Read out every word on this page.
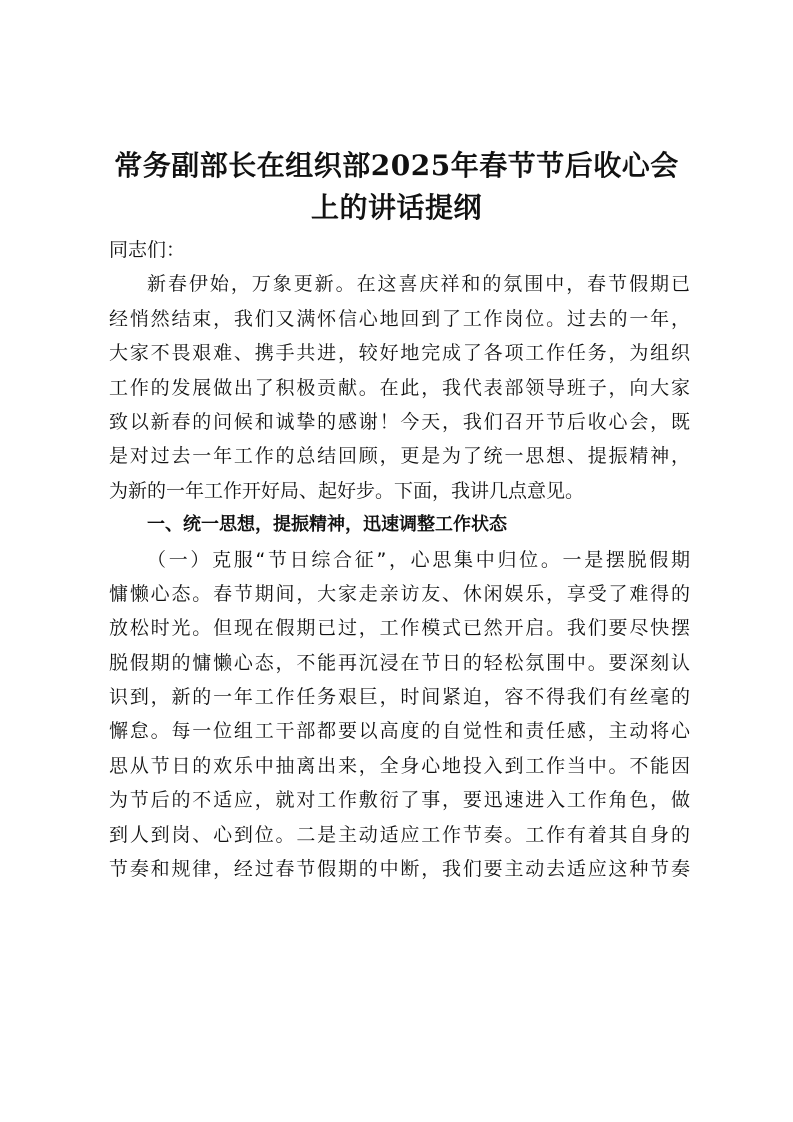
常务副部长在组织部2025年春节节后收心会
上的讲话提纲
同志们：
新春伊始，万象更新。在这喜庆祥和的氛围中，春节假期已
经悄然结束，我们又满怀信心地回到了工作岗位。过去的一年，
大家不畏艰难、携手共进，较好地完成了各项工作任务，为组织
工作的发展做出了积极贡献。在此，我代表部领导班子，向大家
致以新春的问候和诚挚的感谢！今天，我们召开节后收心会，既
是对过去一年工作的总结回顾，更是为了统一思想、提振精神，
为新的一年工作开好局、起好步。下面，我讲几点意见。
一、统一思想，提振精神，迅速调整工作状态
（一）克服“节日综合征”，心思集中归位。一是摆脱假期
慵懒心态。春节期间，大家走亲访友、休闲娱乐，享受了难得的
放松时光。但现在假期已过，工作模式已然开启。我们要尽快摆
脱假期的慵懒心态，不能再沉浸在节日的轻松氛围中。要深刻认
识到，新的一年工作任务艰巨，时间紧迫，容不得我们有丝毫的
懈怠。每一位组工干部都要以高度的自觉性和责任感，主动将心
思从节日的欢乐中抽离出来，全身心地投入到工作当中。不能因
为节后的不适应，就对工作敷衍了事，要迅速进入工作角色，做
到人到岗、心到位。二是主动适应工作节奏。工作有着其自身的
节奏和规律，经过春节假期的中断，我们要主动去适应这种节奏
